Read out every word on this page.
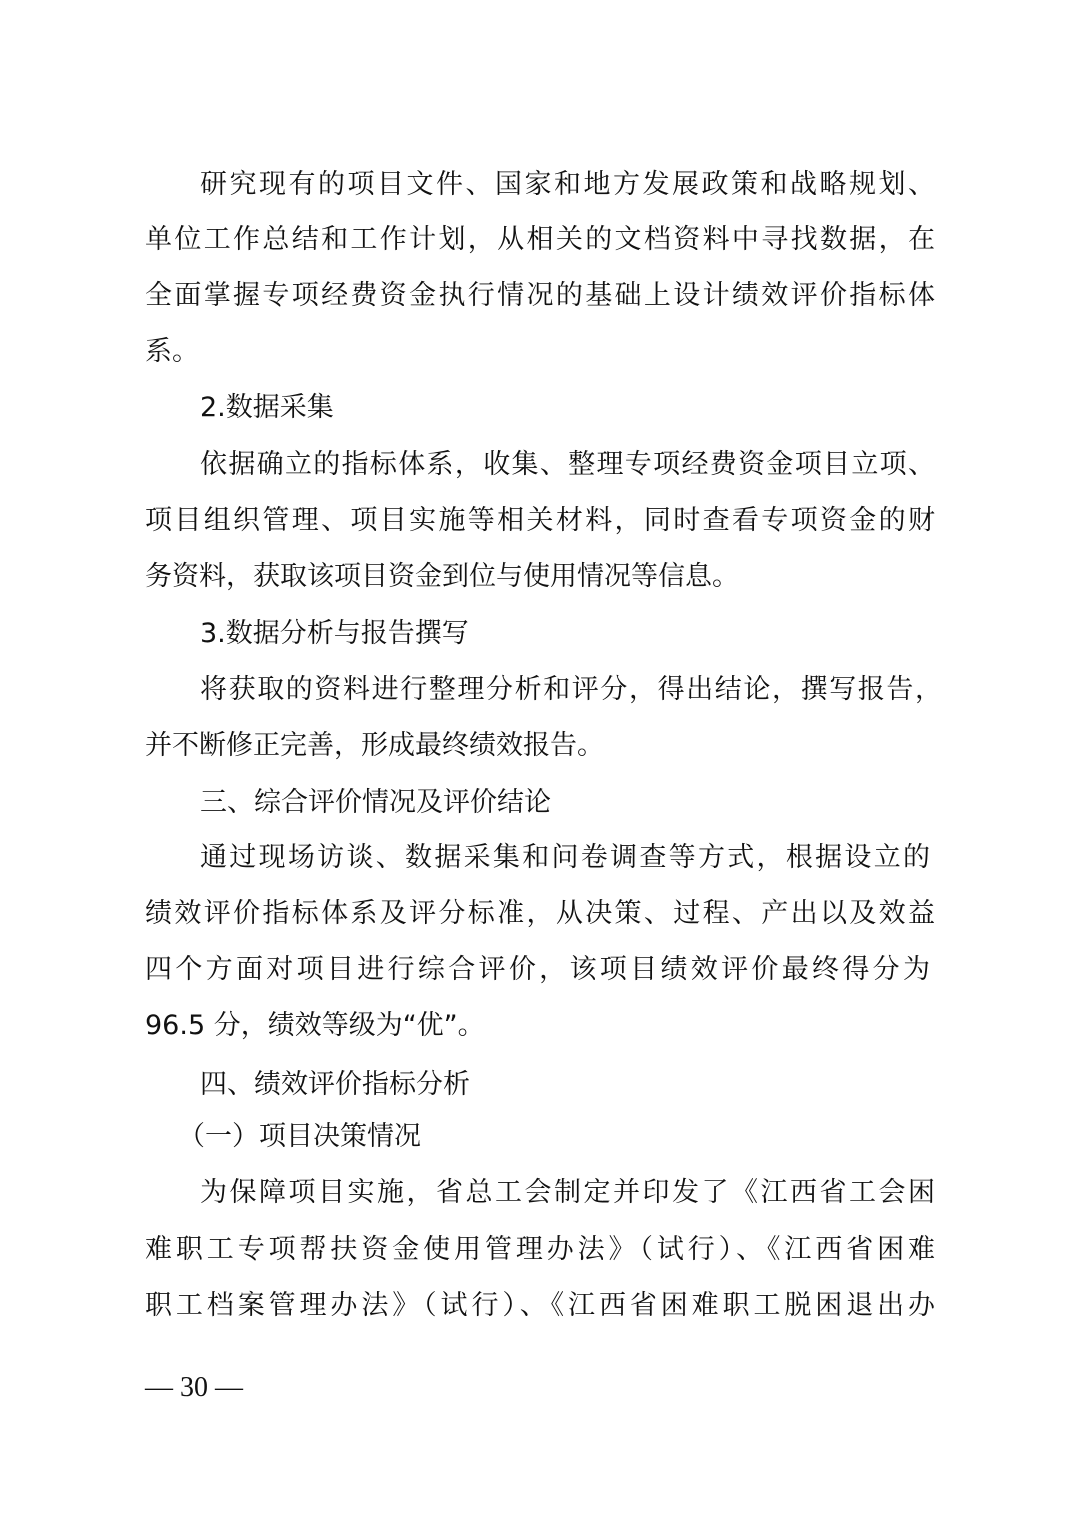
研究现有的项目文件、国家和地方发展政策和战略规划、
单位工作总结和工作计划，从相关的文档资料中寻找数据，在
全面掌握专项经费资金执行情况的基础上设计绩效评价指标体
系。
2.数据采集
依据确立的指标体系，收集、整理专项经费资金项目立项、
项目组织管理、项目实施等相关材料，同时查看专项资金的财
务资料，获取该项目资金到位与使用情况等信息。
3.数据分析与报告撰写
将获取的资料进行整理分析和评分，得出结论，撰写报告，
并不断修正完善，形成最终绩效报告。
三、综合评价情况及评价结论
通过现场访谈、数据采集和问卷调查等方式，根据设立的
绩效评价指标体系及评分标准，从决策、过程、产出以及效益
四个方面对项目进行综合评价，该项目绩效评价最终得分为
96.5 分，绩效等级为“优”。
四、绩效评价指标分析
（一）项目决策情况
为保障项目实施，省总工会制定并印发了《江西省工会困
难职工专项帮扶资金使用管理办法》（试行）、《江西省困难
职工档案管理办法》（试行）、《江西省困难职工脱困退出办
— 30 —
